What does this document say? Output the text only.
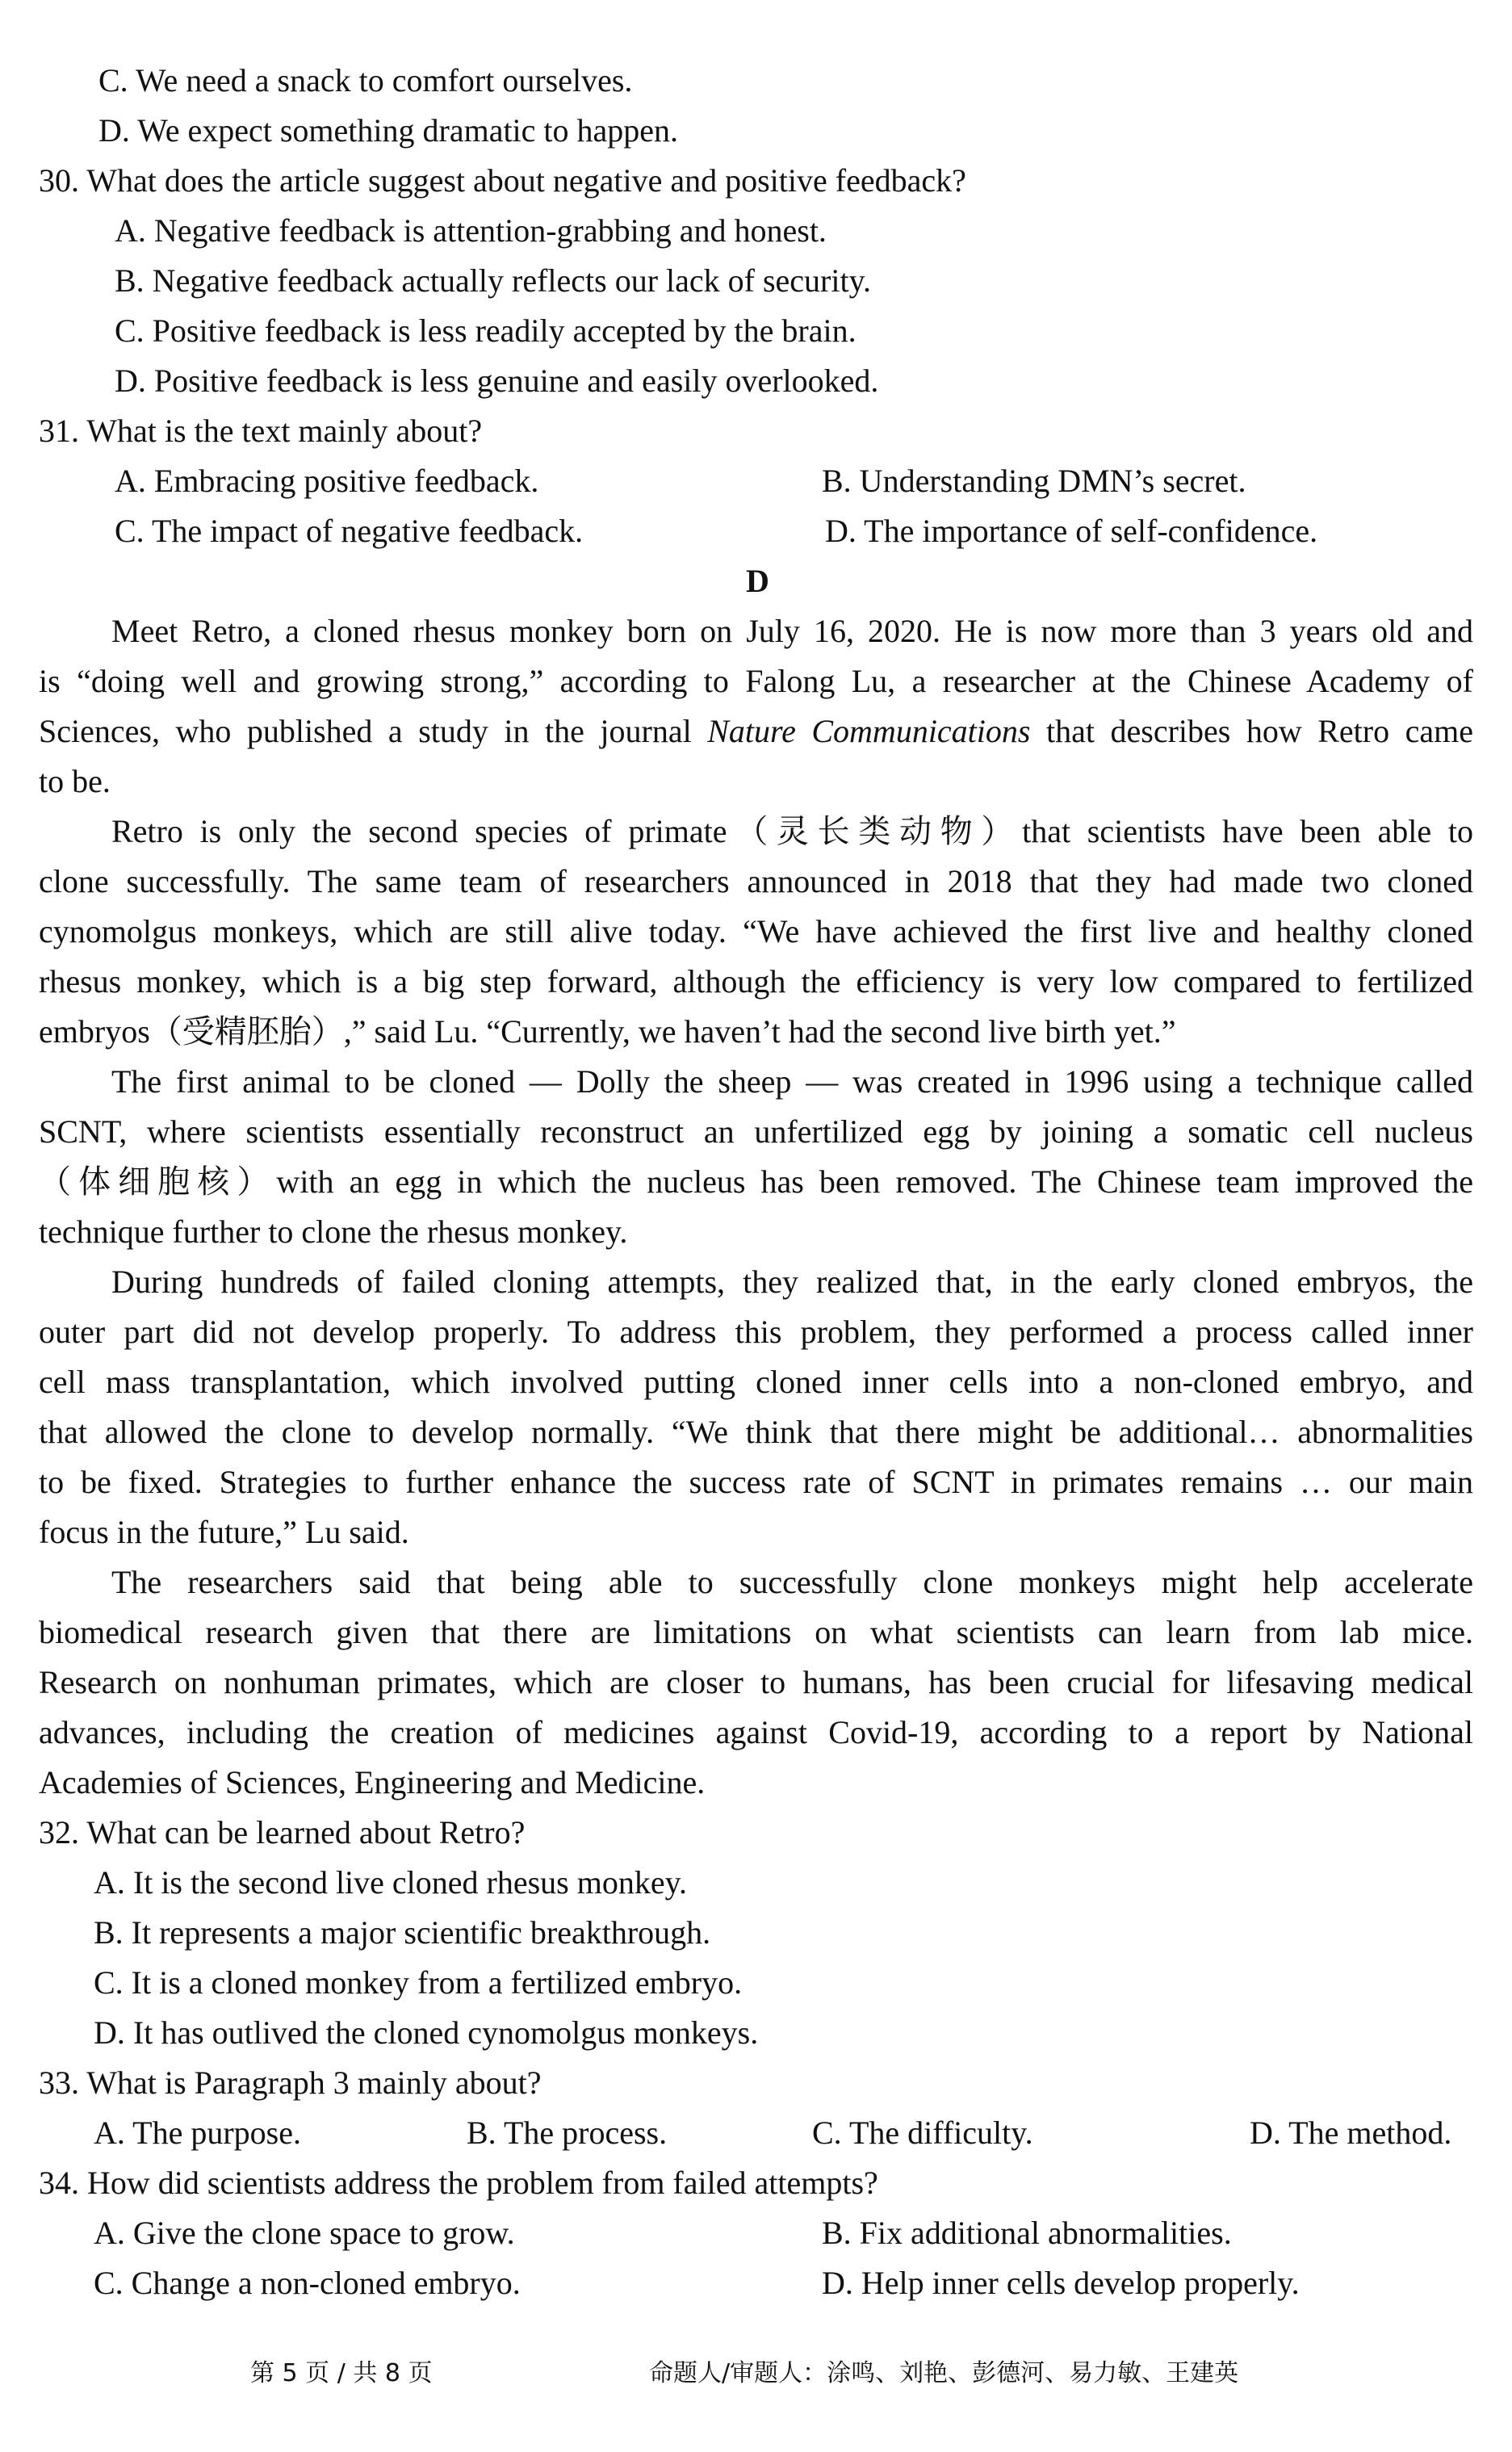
C. We need a snack to comfort ourselves.
D. We expect something dramatic to happen.
30. What does the article suggest about negative and positive feedback?
A. Negative feedback is attention-grabbing and honest.
B. Negative feedback actually reflects our lack of security.
C. Positive feedback is less readily accepted by the brain.
D. Positive feedback is less genuine and easily overlooked.
31. What is the text mainly about?
A. Embracing positive feedback.	B. Understanding DMN’s secret.
C. The impact of negative feedback.	D. The importance of self-confidence.
D
Meet Retro, a cloned rhesus monkey born on July 16, 2020. He is now more than 3 years old and
is “doing well and growing strong,” according to Falong Lu, a researcher at the Chinese Academy of
Sciences, who published a study in the journal Nature Communications that describes how Retro came
to be.
Retro is only the second species of primate（灵长类动物）that scientists have been able to
clone successfully. The same team of researchers announced in 2018 that they had made two cloned
cynomolgus monkeys, which are still alive today. “We have achieved the first live and healthy cloned
rhesus monkey, which is a big step forward, although the efficiency is very low compared to fertilized
embryos（受精胚胎）,” said Lu. “Currently, we haven’t had the second live birth yet.”
The first animal to be cloned — Dolly the sheep — was created in 1996 using a technique called
SCNT, where scientists essentially reconstruct an unfertilized egg by joining a somatic cell nucleus
（体细胞核）with an egg in which the nucleus has been removed. The Chinese team improved the
technique further to clone the rhesus monkey.
During hundreds of failed cloning attempts, they realized that, in the early cloned embryos, the
outer part did not develop properly. To address this problem, they performed a process called inner
cell mass transplantation, which involved putting cloned inner cells into a non-cloned embryo, and
that allowed the clone to develop normally. “We think that there might be additional… abnormalities
to be fixed. Strategies to further enhance the success rate of SCNT in primates remains … our main
focus in the future,” Lu said.
The researchers said that being able to successfully clone monkeys might help accelerate
biomedical research given that there are limitations on what scientists can learn from lab mice.
Research on nonhuman primates, which are closer to humans, has been crucial for lifesaving medical
advances, including the creation of medicines against Covid-19, according to a report by National
Academies of Sciences, Engineering and Medicine.
32. What can be learned about Retro?
A. It is the second live cloned rhesus monkey.
B. It represents a major scientific breakthrough.
C. It is a cloned monkey from a fertilized embryo.
D. It has outlived the cloned cynomolgus monkeys.
33. What is Paragraph 3 mainly about?
A. The purpose.	B. The process.	C. The difficulty.	D. The method.
34. How did scientists address the problem from failed attempts?
A. Give the clone space to grow.	B. Fix additional abnormalities.
C. Change a non-cloned embryo.	D. Help inner cells develop properly.
第 5 页 / 共 8 页	命题人/审题人：涂鸣、刘艳、彭德河、易力敏、王建英
